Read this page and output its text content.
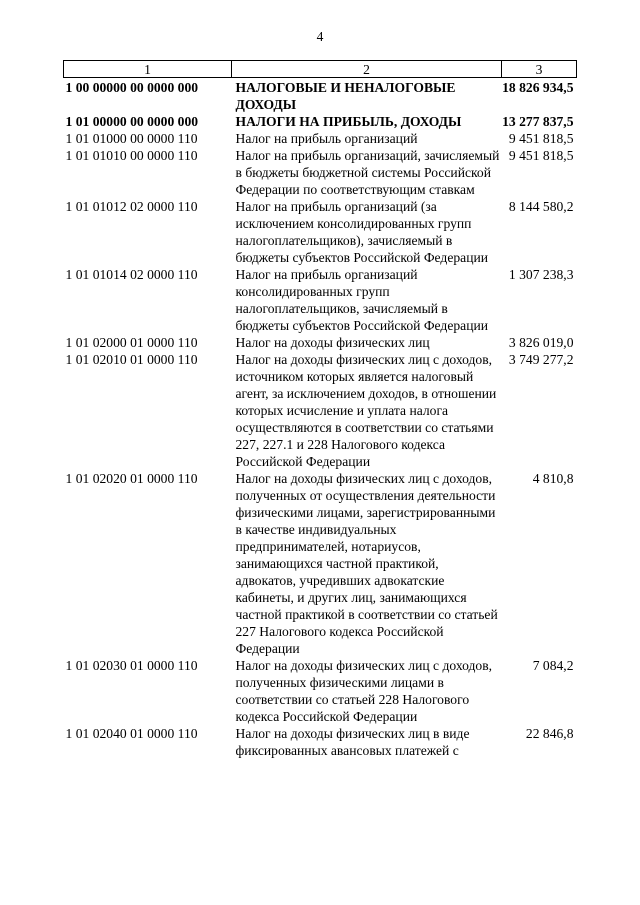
4
1	2	3
1 00 00000 00 0000 000	НАЛОГОВЫЕ И НЕНАЛОГОВЫЕ ДОХОДЫ	18 826 934,5
1 01 00000 00 0000 000	НАЛОГИ НА ПРИБЫЛЬ, ДОХОДЫ	13 277 837,5
1 01 01000 00 0000 110	Налог на прибыль организаций	9 451 818,5
1 01 01010 00 0000 110	Налог на прибыль организаций, зачисляемый в бюджеты бюджетной системы Российской Федерации по соответствующим ставкам	9 451 818,5
1 01 01012 02 0000 110	Налог на прибыль организаций (за исключением консолидированных групп налогоплательщиков), зачисляемый в бюджеты субъектов Российской Федерации	8 144 580,2
1 01 01014 02 0000 110	Налог на прибыль организаций консолидированных групп налогоплательщиков, зачисляемый в бюджеты субъектов Российской Федерации	1 307 238,3
1 01 02000 01 0000 110	Налог на доходы физических лиц	3 826 019,0
1 01 02010 01 0000 110	Налог на доходы физических лиц с доходов, источником которых является налоговый агент, за исключением доходов, в отношении которых исчисление и уплата налога осуществляются в соответствии со статьями 227, 227.1 и 228 Налогового кодекса Российской Федерации	3 749 277,2
1 01 02020 01 0000 110	Налог на доходы физических лиц с доходов, полученных от осуществления деятельности физическими лицами, зарегистрированными в качестве индивидуальных предпринимателей, нотариусов, занимающихся частной практикой, адвокатов, учредивших адвокатские кабинеты, и других лиц, занимающихся частной практикой в соответствии со статьей 227 Налогового кодекса Российской Федерации	4 810,8
1 01 02030 01 0000 110	Налог на доходы физических лиц с доходов, полученных физическими лицами в соответствии со статьей 228 Налогового кодекса Российской Федерации	7 084,2
1 01 02040 01 0000 110	Налог на доходы физических лиц в виде фиксированных авансовых платежей с	22 846,8
